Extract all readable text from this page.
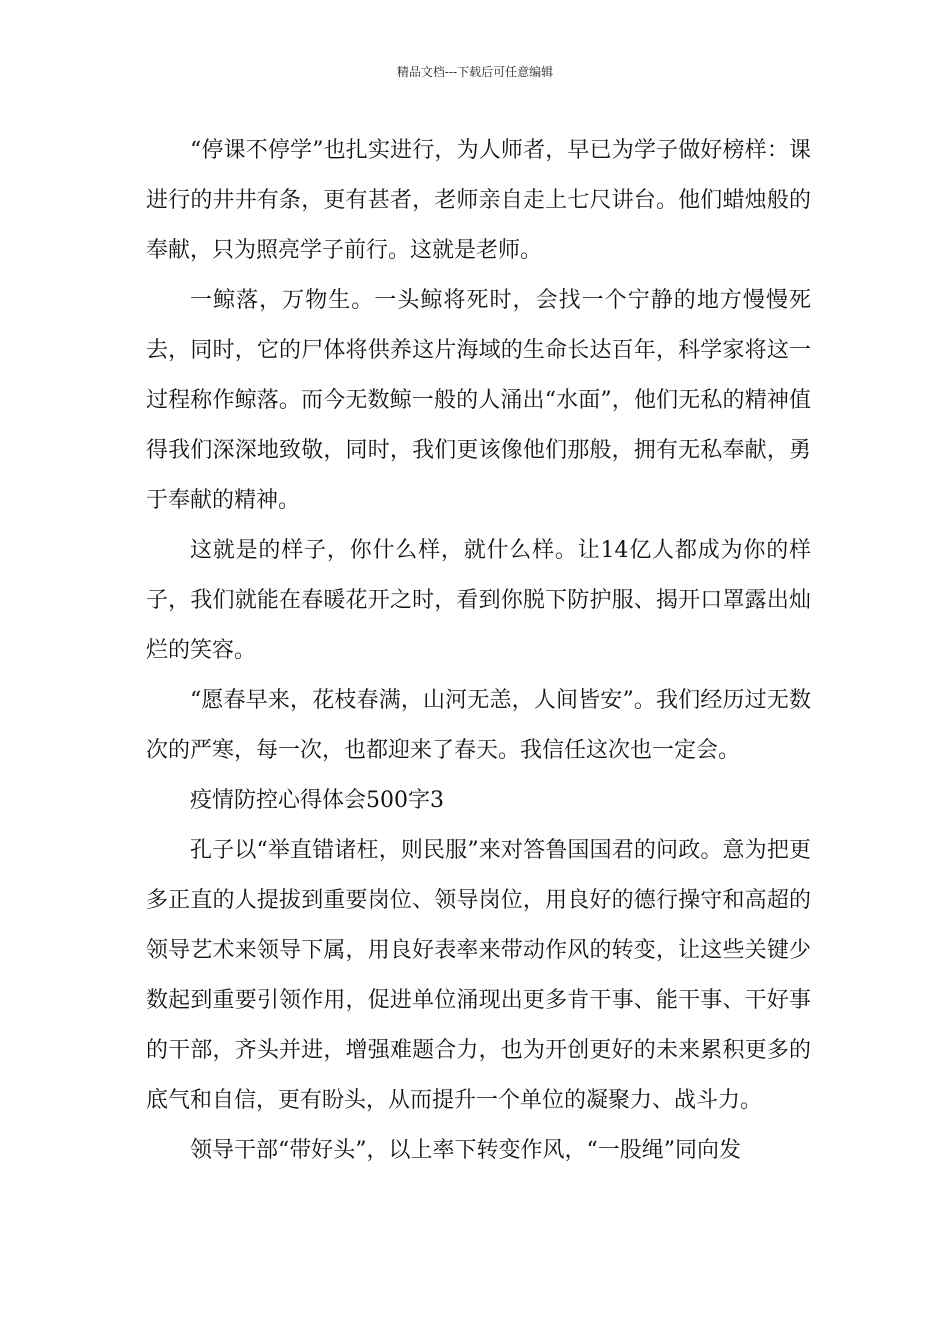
精品文档---下载后可任意编辑

“停课不停学”也扎实进行，为人师者，早已为学子做好榜样：课进行的井井有条，更有甚者，老师亲自走上七尺讲台。他们蜡烛般的奉献，只为照亮学子前行。这就是老师。

一鲸落，万物生。一头鲸将死时，会找一个宁静的地方慢慢死去，同时，它的尸体将供养这片海域的生命长达百年，科学家将这一过程称作鲸落。而今无数鲸一般的人涌出“水面”，他们无私的精神值得我们深深地致敬，同时，我们更该像他们那般，拥有无私奉献，勇于奉献的精神。

这就是的样子，你什么样，就什么样。让14亿人都成为你的样子，我们就能在春暖花开之时，看到你脱下防护服、揭开口罩露出灿烂的笑容。

“愿春早来，花枝春满，山河无恙，人间皆安”。我们经历过无数次的严寒，每一次，也都迎来了春天。我信任这次也一定会。

疫情防控心得体会500字3

孔子以“举直错诸枉，则民服”来对答鲁国国君的问政。意为把更多正直的人提拔到重要岗位、领导岗位，用良好的德行操守和高超的领导艺术来领导下属，用良好表率来带动作风的转变，让这些关键少数起到重要引领作用，促进单位涌现出更多肯干事、能干事、干好事的干部，齐头并进，增强难题合力，也为开创更好的未来累积更多的底气和自信，更有盼头，从而提升一个单位的凝聚力、战斗力。

领导干部“带好头”，以上率下转变作风，“一股绳”同向发
